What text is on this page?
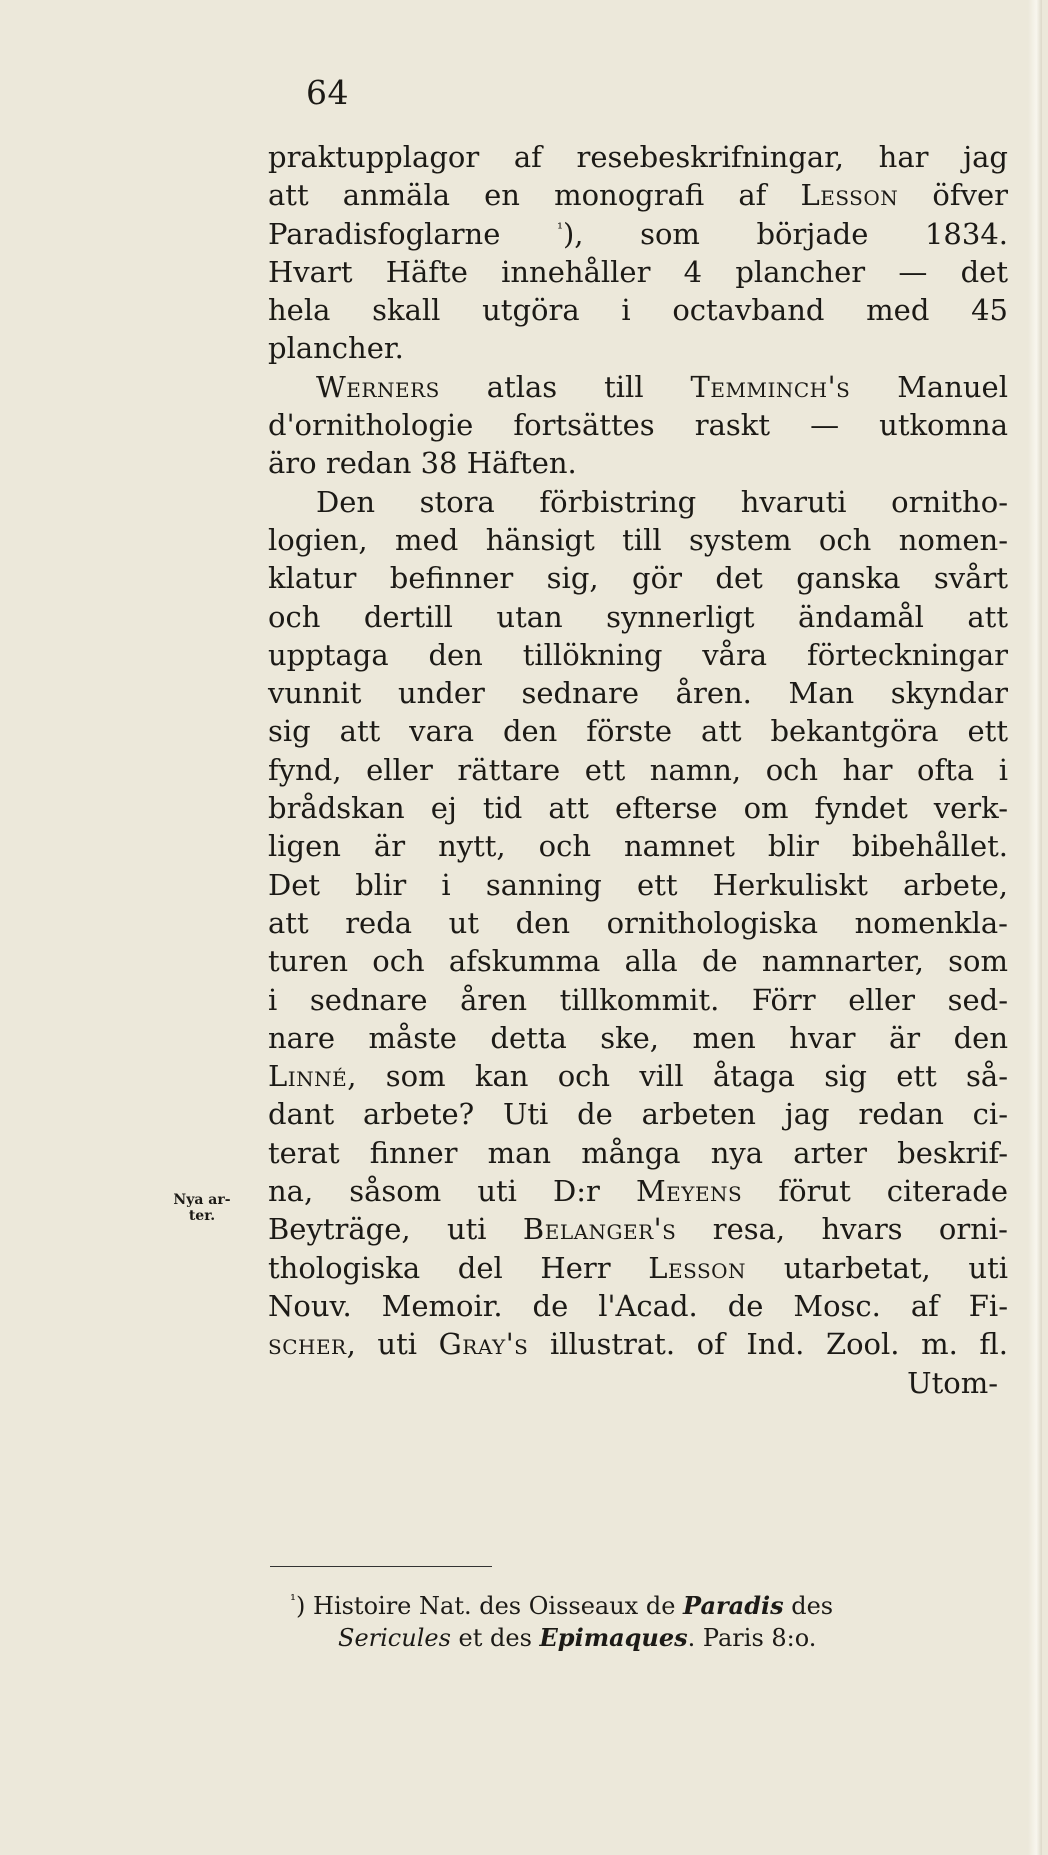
64
Nya ar-
ter.
praktupplagor af resebeskrifningar, har jag
att anmäla en monografi af Lesson öfver
Paradisfoglarne $^{^1}$), som började 1834.
Hvart Häfte innehåller 4 plancher — det
hela skall utgöra i octavband med 45
plancher.
Werners atlas till Temminch's Manuel
d'ornithologie fortsättes raskt — utkomna
äro redan 38 Häften.
Den stora förbistring hvaruti ornitho-
logien, med hänsigt till system och nomen-
klatur befinner sig, gör det ganska svårt
och dertill utan synnerligt ändamål att
upptaga den tillökning våra förteckningar
vunnit under sednare åren. Man skyndar
sig att vara den förste att bekantgöra ett
fynd, eller rättare ett namn, och har ofta i
brådskan ej tid att efterse om fyndet verk-
ligen är nytt, och namnet blir bibehållet.
Det blir i sanning ett Herkuliskt arbete,
att reda ut den ornithologiska nomenkla-
turen och afskumma alla de namnarter, som
i sednare åren tillkommit. Förr eller sed-
nare måste detta ske, men hvar är den
Linné, som kan och vill åtaga sig ett så-
dant arbete? Uti de arbeten jag redan ci-
terat finner man många nya arter beskrif-
na, såsom uti D:r Meyens förut citerade
Beyträge, uti Belanger's resa, hvars orni-
thologiska del Herr Lesson utarbetat, uti
Nouv. Memoir. de l'Acad. de Mosc. af Fi-
scher, uti Gray's illustrat. of Ind. Zool. m. fl.
Utom-
$^{^1}$) Histoire Nat. des Oisseaux de Paradis des
Sericules et des Epimaques. Paris 8:o.
